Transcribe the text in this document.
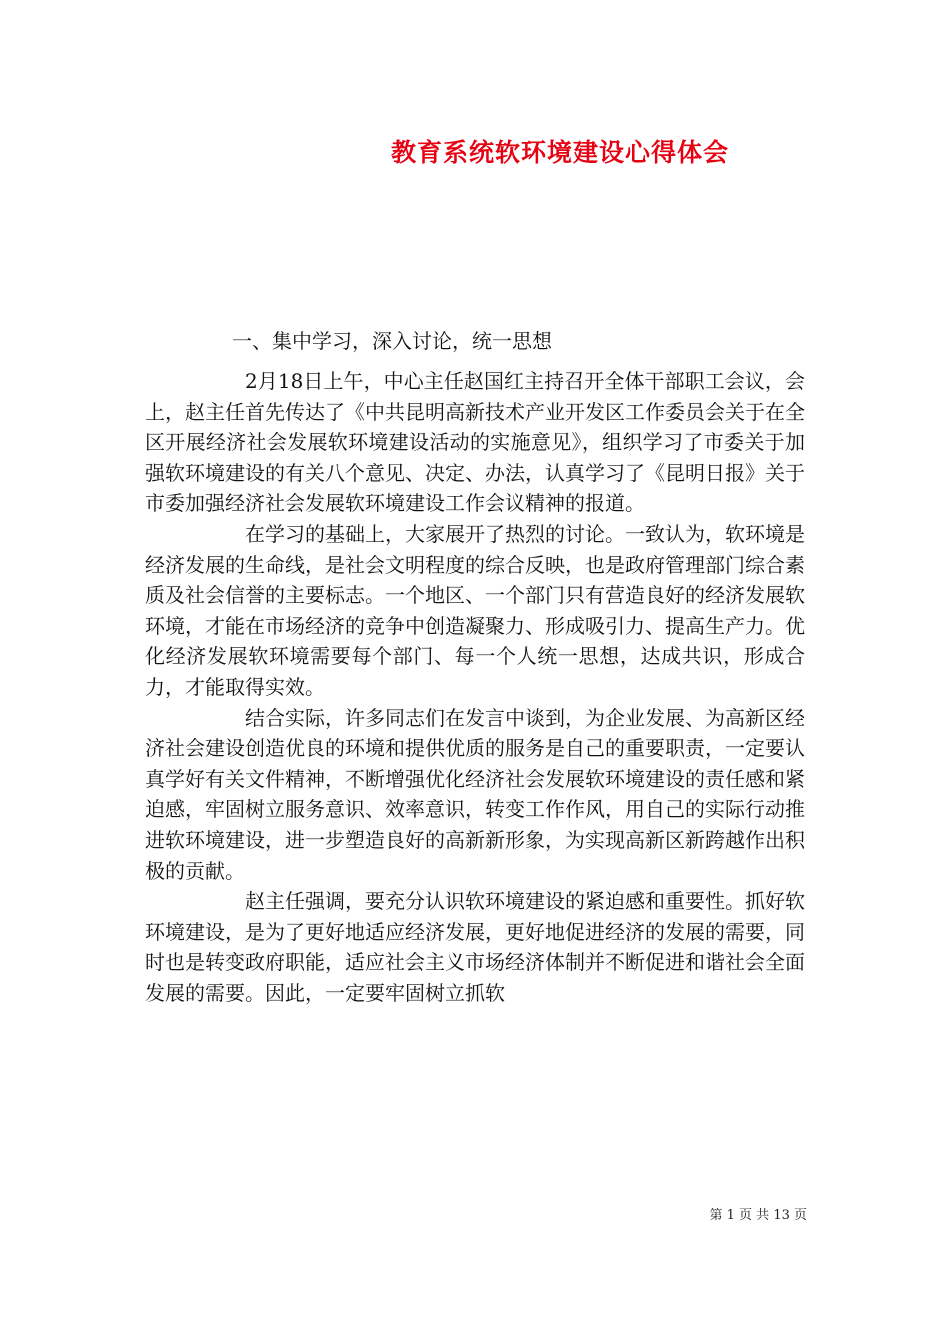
教育系统软环境建设心得体会
一、集中学习，深入讨论，统一思想

2月18日上午，中心主任赵国红主持召开全体干部职工会议，会上，赵主任首先传达了《中共昆明高新技术产业开发区工作委员会关于在全区开展经济社会发展软环境建设活动的实施意见》，组织学习了市委关于加强软环境建设的有关八个意见、决定、办法，认真学习了《昆明日报》关于市委加强经济社会发展软环境建设工作会议精神的报道。

在学习的基础上，大家展开了热烈的讨论。一致认为，软环境是经济发展的生命线，是社会文明程度的综合反映，也是政府管理部门综合素质及社会信誉的主要标志。一个地区、一个部门只有营造良好的经济发展软环境，才能在市场经济的竞争中创造凝聚力、形成吸引力、提高生产力。优化经济发展软环境需要每个部门、每一个人统一思想，达成共识，形成合力，才能取得实效。

结合实际，许多同志们在发言中谈到，为企业发展、为高新区经济社会建设创造优良的环境和提供优质的服务是自己的重要职责，一定要认真学好有关文件精神，不断增强优化经济社会发展软环境建设的责任感和紧迫感，牢固树立服务意识、效率意识，转变工作作风，用自己的实际行动推进软环境建设，进一步塑造良好的高新新形象，为实现高新区新跨越作出积极的贡献。

赵主任强调，要充分认识软环境建设的紧迫感和重要性。抓好软环境建设，是为了更好地适应经济发展，更好地促进经济的发展的需要，同时也是转变政府职能，适应社会主义市场经济体制并不断促进和谐社会全面发展的需要。因此，一定要牢固树立抓软

第 1 页 共 13 页
